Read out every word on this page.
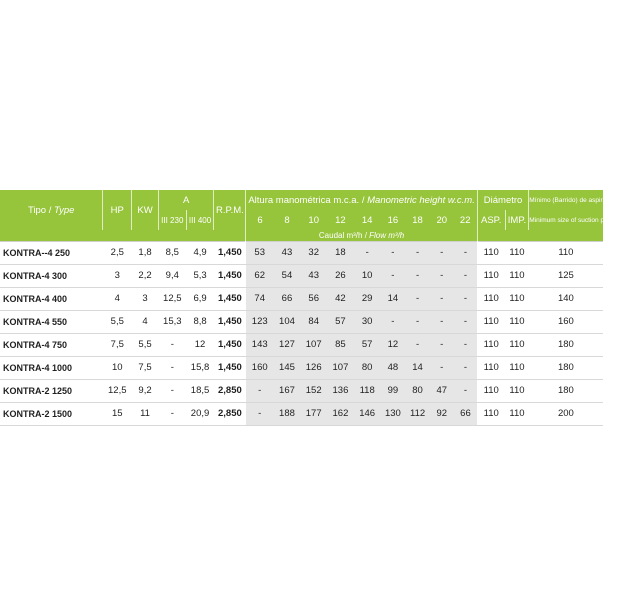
Tipo / Type	HP	KW	A		R.P.M.	Altura manométrica m.c.a. / Manometric height w.c.m.									Diámetro		Mínimo (Barrido) de aspiración

			III 230	III 400		6	8	10	12	14	16	18	20	22	ASP.	IMP.	Minimum size of suction pipe

						Caudal m³/h / Flow m³/h											
KONTRA--4 250	2,5	1,8	8,5	4,9	1,450	53	43	32	18	-	-	-	-	-	110	110	110
KONTRA-4 300	3	2,2	9,4	5,3	1,450	62	54	43	26	10	-	-	-	-	110	110	125
KONTRA-4 400	4	3	12,5	6,9	1,450	74	66	56	42	29	14	-	-	-	110	110	140
KONTRA-4 550	5,5	4	15,3	8,8	1,450	123	104	84	57	30	-	-	-	-	110	110	160
KONTRA-4 750	7,5	5,5	-	12	1,450	143	127	107	85	57	12	-	-	-	110	110	180
KONTRA-4 1000	10	7,5	-	15,8	1,450	160	145	126	107	80	48	14	-	-	110	110	180
KONTRA-2 1250	12,5	9,2	-	18,5	2,850	-	167	152	136	118	99	80	47	-	110	110	180
KONTRA-2 1500	15	11	-	20,9	2,850	-	188	177	162	146	130	112	92	66	110	110	200
